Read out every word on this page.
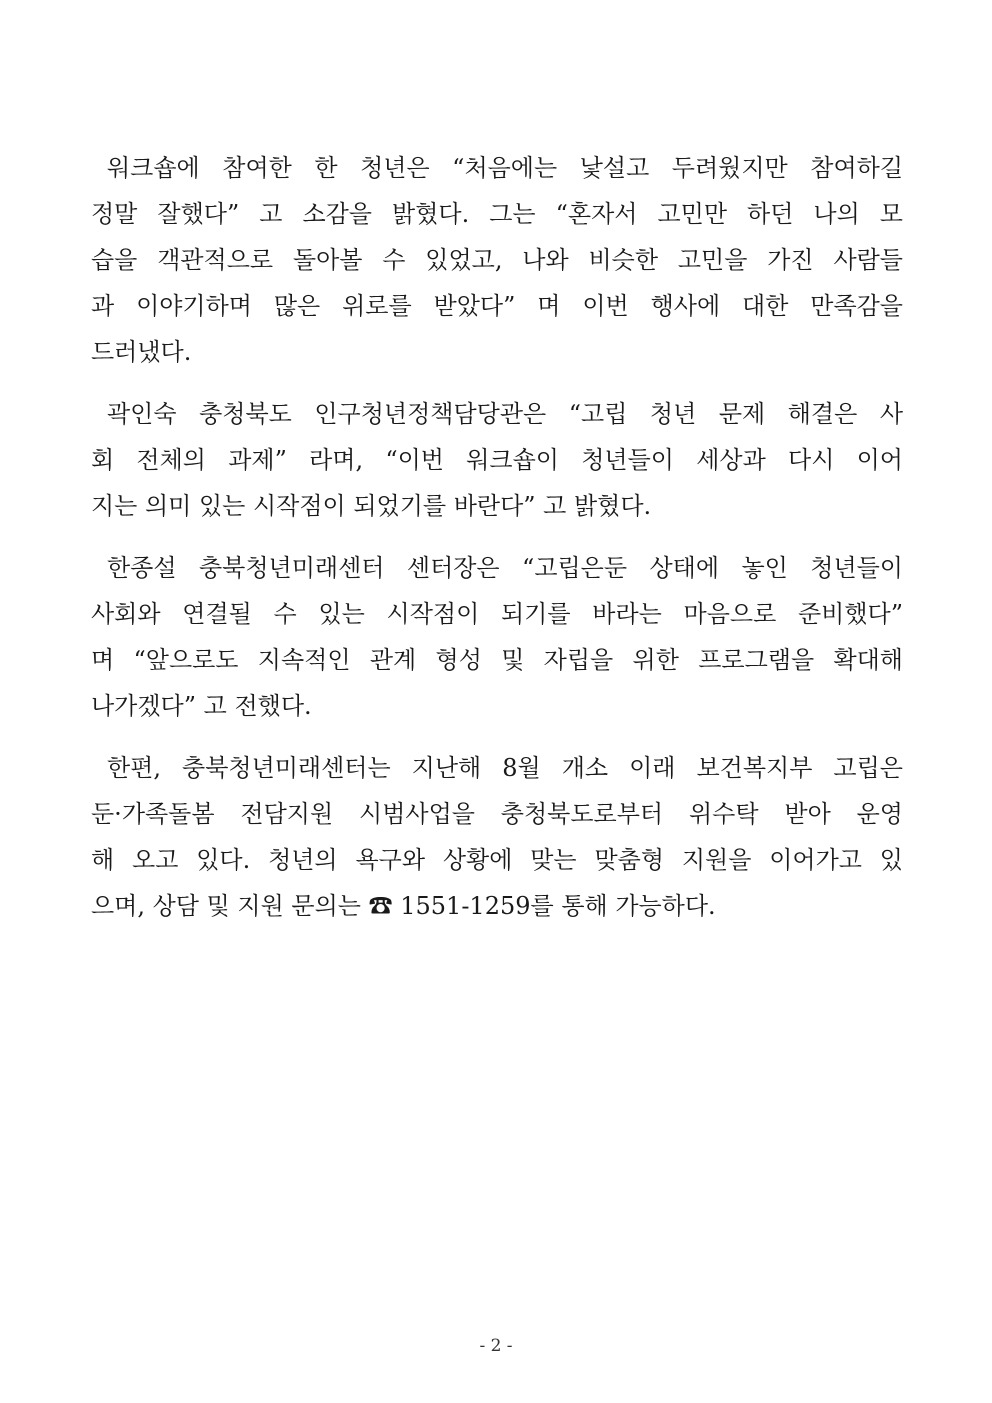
워크숍에 참여한 한 청년은 “처음에는 낯설고 두려웠지만 참여하길
정말 잘했다” 고 소감을 밝혔다. 그는 “혼자서 고민만 하던 나의 모
습을 객관적으로 돌아볼 수 있었고, 나와 비슷한 고민을 가진 사람들
과 이야기하며 많은 위로를 받았다” 며 이번 행사에 대한 만족감을
드러냈다.
곽인숙 충청북도 인구청년정책담당관은 “고립 청년 문제 해결은 사
회 전체의 과제” 라며, “이번 워크숍이 청년들이 세상과 다시 이어
지는 의미 있는 시작점이 되었기를 바란다” 고 밝혔다.
한종설 충북청년미래센터 센터장은 “고립은둔 상태에 놓인 청년들이
사회와 연결될 수 있는 시작점이 되기를 바라는 마음으로 준비했다”
며 “앞으로도 지속적인 관계 형성 및 자립을 위한 프로그램을 확대해
나가겠다” 고 전했다.
한편, 충북청년미래센터는 지난해 8월 개소 이래 보건복지부 고립은
둔·가족돌봄 전담지원 시범사업을 충청북도로부터 위수탁 받아 운영
해 오고 있다. 청년의 욕구와 상황에 맞는 맞춤형 지원을 이어가고 있
으며, 상담 및 지원 문의는 ☎ 1551-1259를 통해 가능하다.
- 2 -
